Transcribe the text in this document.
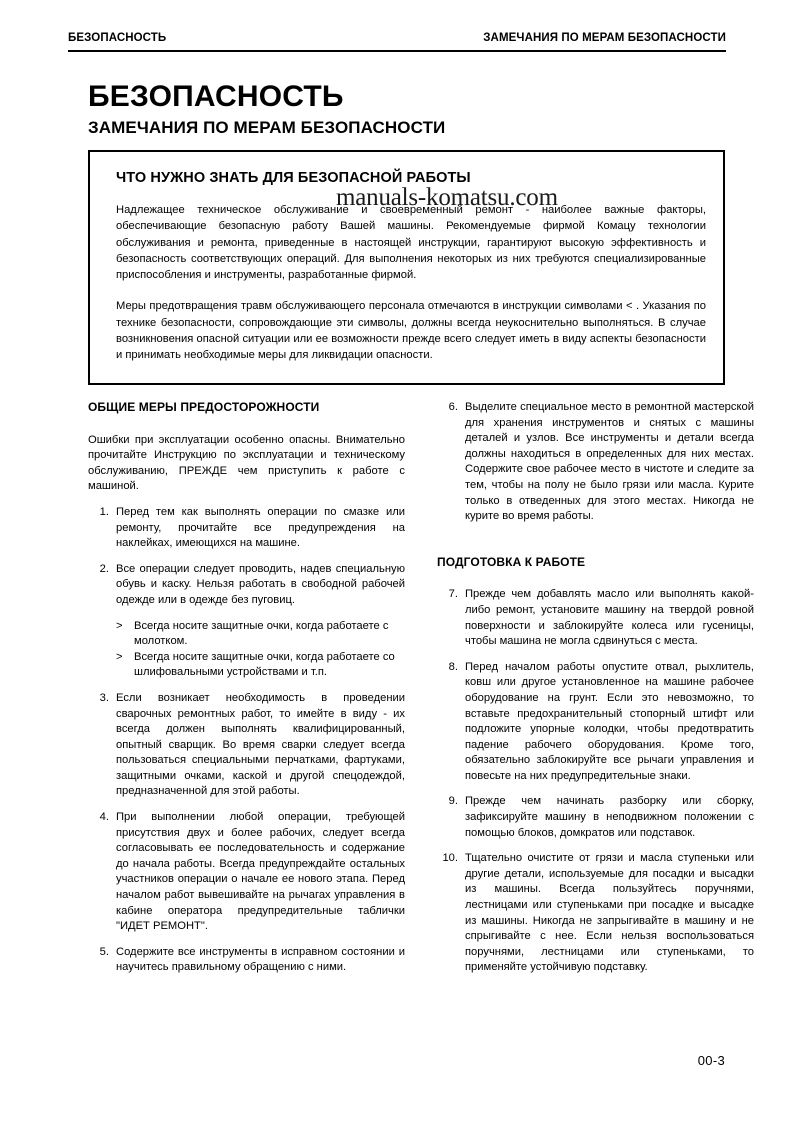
БЕЗОПАСНОСТЬ	ЗАМЕЧАНИЯ ПО МЕРАМ БЕЗОПАСНОСТИ
БЕЗОПАСНОСТЬ
ЗАМЕЧАНИЯ ПО МЕРАМ БЕЗОПАСНОСТИ
ЧТО НУЖНО ЗНАТЬ ДЛЯ БЕЗОПАСНОЙ РАБОТЫ

Надлежащее техническое обслуживание и своевременный ремонт - наиболее важные факторы, обеспечивающие безопасную работу Вашей машины. Рекомендуемые фирмой Комацу технологии обслуживания и ремонта, приведенные в настоящей инструкции, гарантируют высокую эффективность и безопасность соответствующих операций. Для выполнения некоторых из них требуются специализированные приспособления и инструменты, разработанные фирмой.

Меры предотвращения травм обслуживающего персонала отмечаются в инструкции символами < . Указания по технике безопасности, сопровождающие эти символы, должны всегда неукоснительно выполняться. В случае возникновения опасной ситуации или ее возможности прежде всего следует иметь в виду аспекты безопасности и принимать необходимые меры для ликвидации опасности.

manuals-komatsu.com
ОБЩИЕ МЕРЫ ПРЕДОСТОРОЖНОСТИ

Ошибки при эксплуатации особенно опасны. Внимательно прочитайте Инструкцию по эксплуатации и техническому обслуживанию, ПРЕЖДЕ чем приступить к работе с машиной.

1. Перед тем как выполнять операции по смазке или ремонту, прочитайте все предупреждения на наклейках, имеющихся на машине.
2. Все операции следует проводить, надев специальную обувь и каску. Нельзя работать в свободной рабочей одежде или в одежде без пуговиц.
> Всегда носите защитные очки, когда работаете с молотком.
> Всегда носите защитные очки, когда работаете со шлифовальными устройствами и т.п.
3. Если возникает необходимость в проведении сварочных ремонтных работ, то имейте в виду - их всегда должен выполнять квалифицированный, опытный сварщик. Во время сварки следует всегда пользоваться специальными перчатками, фартуками, защитными очками, каской и другой спецодеждой, предназначенной для этой работы.
4. При выполнении любой операции, требующей присутствия двух и более рабочих, следует всегда согласовывать ее последовательность и содержание до начала работы. Всегда предупреждайте остальных участников операции о начале ее нового этапа. Перед началом работ вывешивайте на рычагах управления в кабине оператора предупредительные таблички "ИДЕТ РЕМОНТ".
5. Содержите все инструменты в исправном состоянии и научитесь правильному обращению с ними.
6. Выделите специальное место в ремонтной мастерской для хранения инструментов и снятых с машины деталей и узлов. Все инструменты и детали всегда должны находиться в определенных для них местах. Содержите свое рабочее место в чистоте и следите за тем, чтобы на полу не было грязи или масла. Курите только в отведенных для этого местах. Никогда не курите во время работы.
ПОДГОТОВКА К РАБОТЕ
7. Прежде чем добавлять масло или выполнять какой-либо ремонт, установите машину на твердой ровной поверхности и заблокируйте колеса или гусеницы, чтобы машина не могла сдвинуться с места.
8. Перед началом работы опустите отвал, рыхлитель, ковш или другое установленное на машине рабочее оборудование на грунт. Если это невозможно, то вставьте предохранительный стопорный штифт или подложите упорные колодки, чтобы предотвратить падение рабочего оборудования. Кроме того, обязательно заблокируйте все рычаги управления и повесьте на них предупредительные знаки.
9. Прежде чем начинать разборку или сборку, зафиксируйте машину в неподвижном положении с помощью блоков, домкратов или подставок.
10. Тщательно очистите от грязи и масла ступеньки или другие детали, используемые для посадки и высадки из машины. Всегда пользуйтесь поручнями, лестницами или ступеньками при посадке и высадке из машины. Никогда не запрыгивайте в машину и не спрыгивайте с нее. Если нельзя воспользоваться поручнями, лестницами или ступеньками, то применяйте устойчивую подставку.
00-3
